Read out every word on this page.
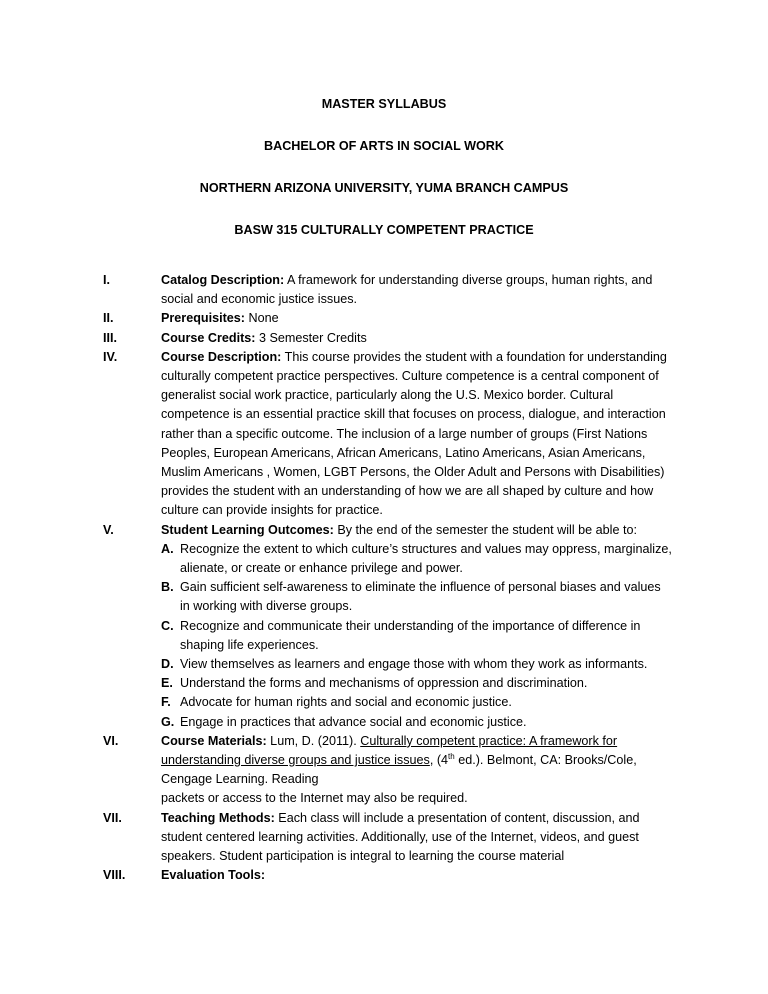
MASTER SYLLABUS
BACHELOR OF ARTS IN SOCIAL WORK
NORTHERN ARIZONA UNIVERSITY, YUMA BRANCH CAMPUS
BASW 315 CULTURALLY COMPETENT PRACTICE
I.	Catalog Description: A framework for understanding diverse groups, human rights, and social and economic justice issues.
II.	Prerequisites: None
III.	Course Credits: 3 Semester Credits
IV.	Course Description: This course provides the student with a foundation for understanding culturally competent practice perspectives. Culture competence is a central component of generalist social work practice, particularly along the U.S. Mexico border. Cultural competence is an essential practice skill that focuses on process, dialogue, and interaction rather than a specific outcome. The inclusion of a large number of groups (First Nations Peoples, European Americans, African Americans, Latino Americans, Asian Americans, Muslim Americans , Women, LGBT Persons, the Older Adult and Persons with Disabilities) provides the student with an understanding of how we are all shaped by culture and how culture can provide insights for practice.
V.	Student Learning Outcomes: By the end of the semester the student will be able to:
A. Recognize the extent to which culture’s structures and values may oppress, marginalize, alienate, or create or enhance privilege and power.
B. Gain sufficient self-awareness to eliminate the influence of personal biases and values in working with diverse groups.
C. Recognize and communicate their understanding of the importance of difference in shaping life experiences.
D. View themselves as learners and engage those with whom they work as informants.
E. Understand the forms and mechanisms of oppression and discrimination.
F. Advocate for human rights and social and economic justice.
G. Engage in practices that advance social and economic justice.
VI.	Course Materials: Lum, D. (2011). Culturally competent practice: A framework for understanding diverse groups and justice issues, (4th ed.). Belmont, CA: Brooks/Cole, Cengage Learning. Reading
packets or access to the Internet may also be required.
VII.	Teaching Methods: Each class will include a presentation of content, discussion, and student centered learning activities. Additionally, use of the Internet, videos, and guest speakers. Student participation is integral to learning the course material
VIII.	Evaluation Tools:
